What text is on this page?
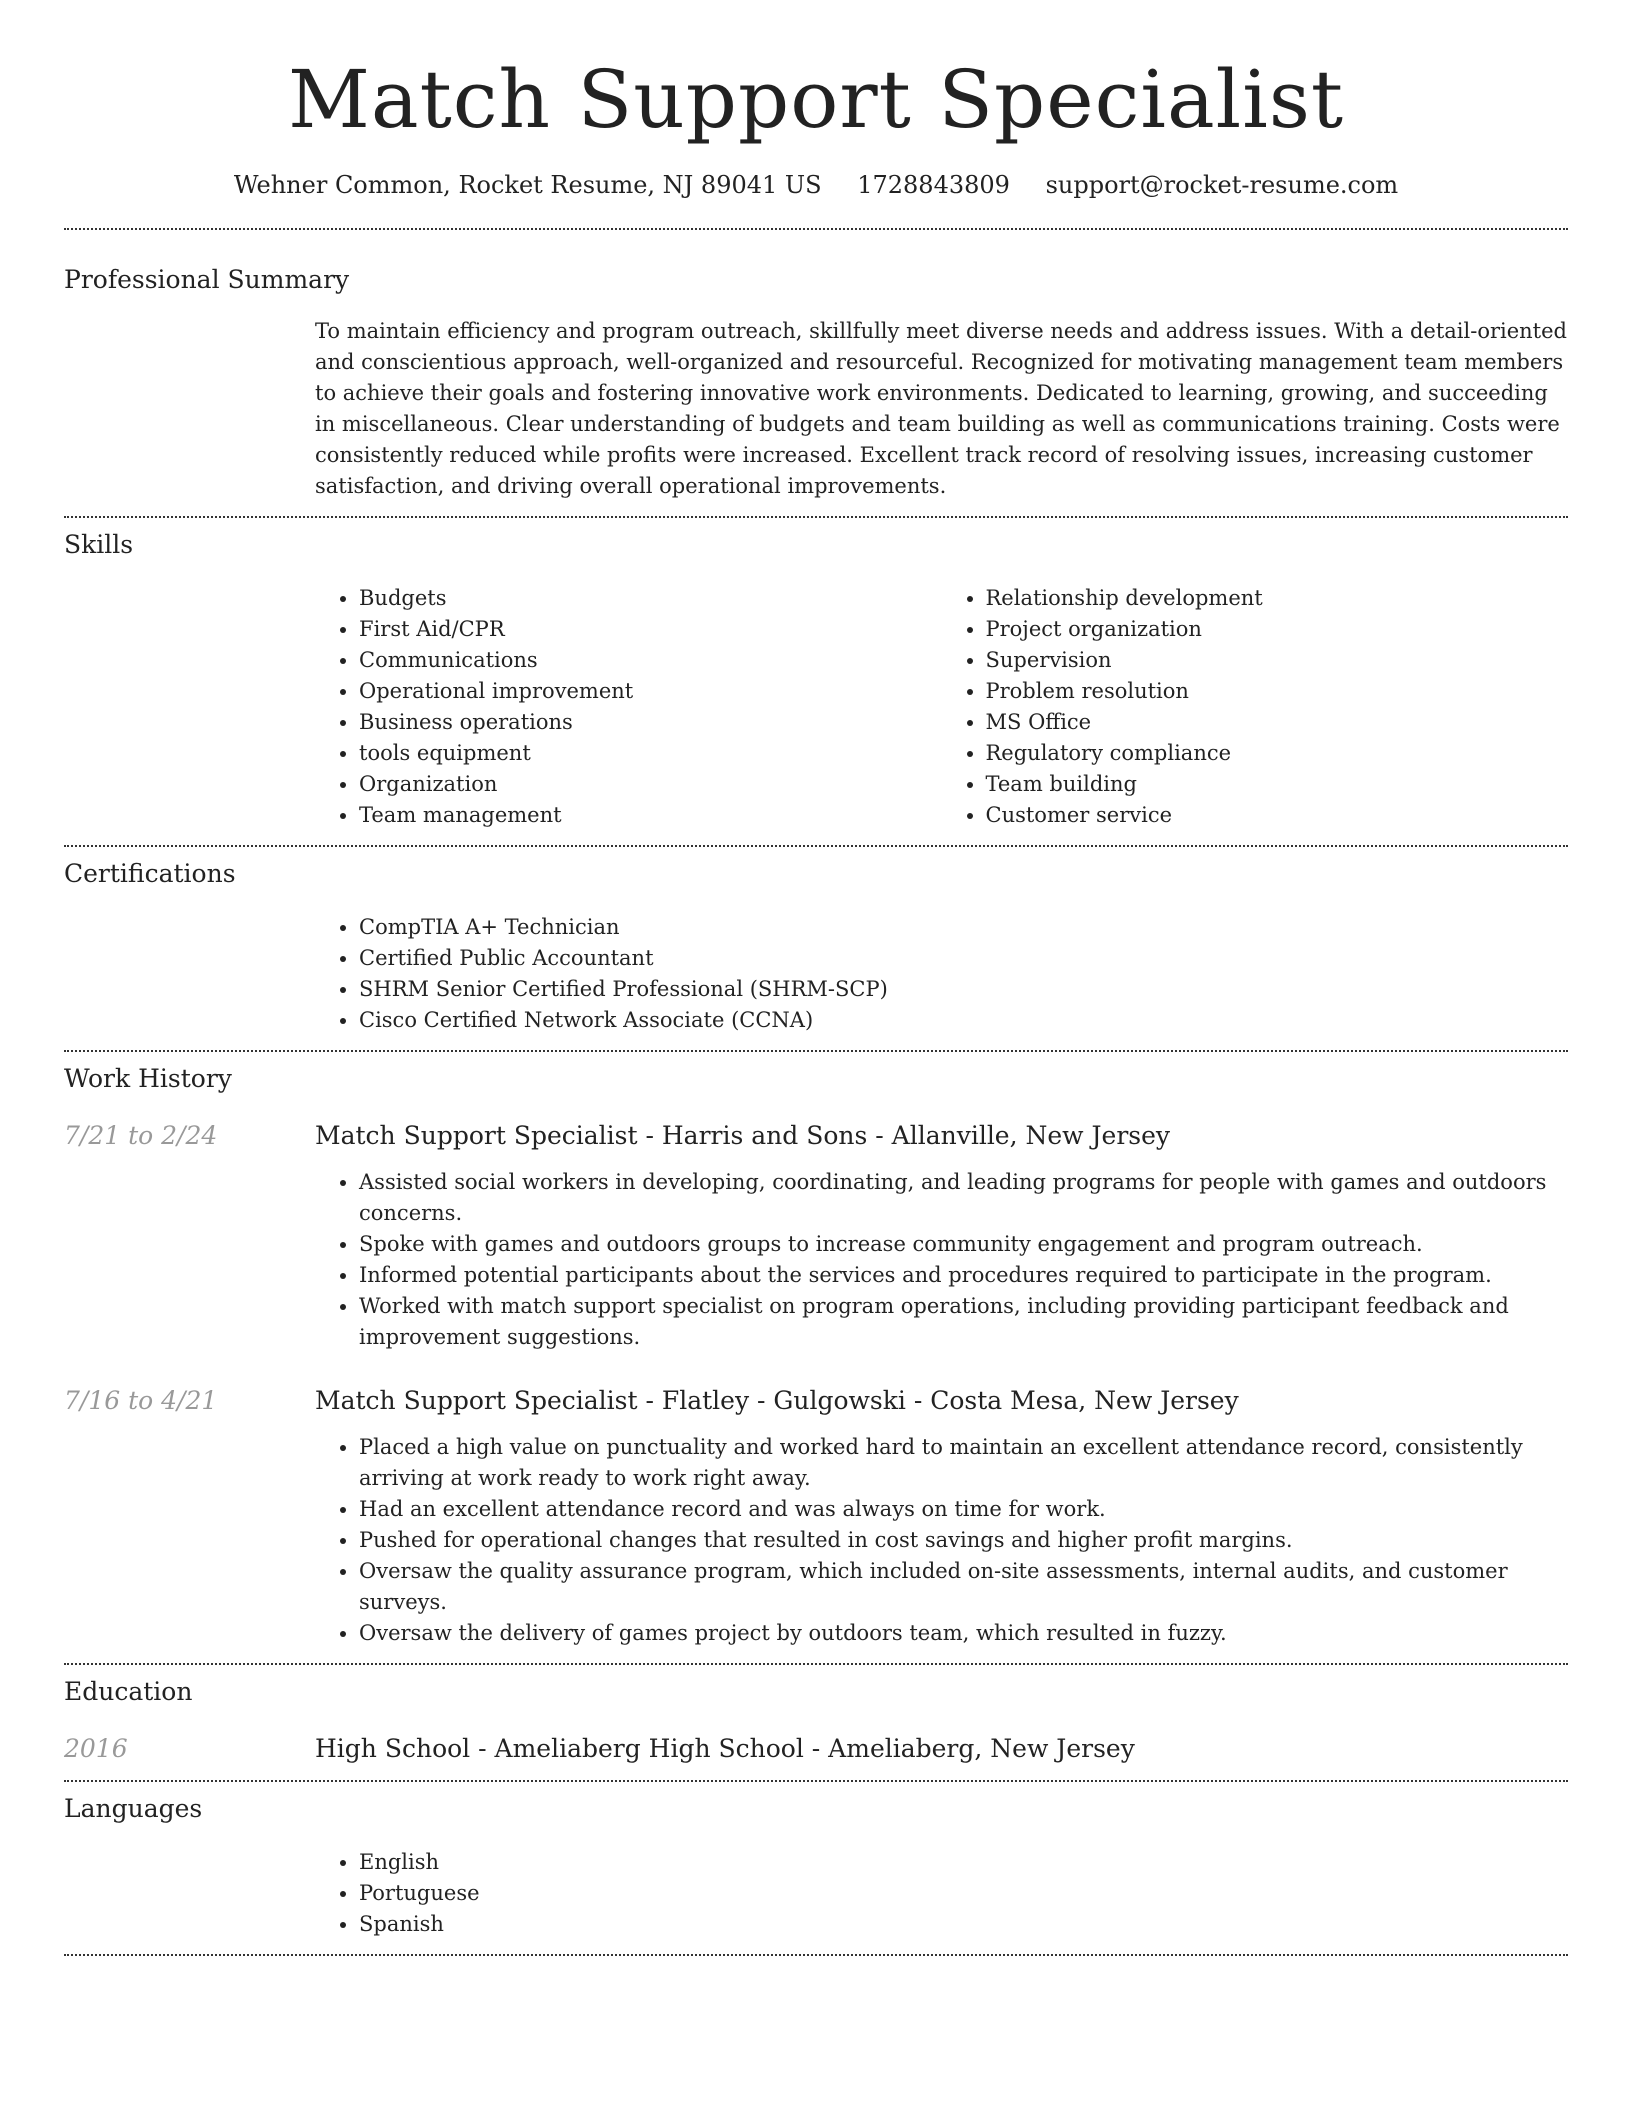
Match Support Specialist
Wehner Common, Rocket Resume, NJ 89041 US 1728843809 support@rocket-resume.com
Professional Summary
To maintain efficiency and program outreach, skillfully meet diverse needs and address issues. With a detail-oriented and conscientious approach, well-organized and resourceful. Recognized for motivating management team members to achieve their goals and fostering innovative work environments. Dedicated to learning, growing, and succeeding in miscellaneous. Clear understanding of budgets and team building as well as communications training. Costs were consistently reduced while profits were increased. Excellent track record of resolving issues, increasing customer satisfaction, and driving overall operational improvements.
Skills
• Budgets
• First Aid/CPR
• Communications
• Operational improvement
• Business operations
• tools equipment
• Organization
• Team management
• Relationship development
• Project organization
• Supervision
• Problem resolution
• MS Office
• Regulatory compliance
• Team building
• Customer service
Certifications
• CompTIA A+ Technician
• Certified Public Accountant
• SHRM Senior Certified Professional (SHRM-SCP)
• Cisco Certified Network Associate (CCNA)
Work History
7/21 to 2/24	Match Support Specialist - Harris and Sons - Allanville, New Jersey
• Assisted social workers in developing, coordinating, and leading programs for people with games and outdoors concerns.
• Spoke with games and outdoors groups to increase community engagement and program outreach.
• Informed potential participants about the services and procedures required to participate in the program.
• Worked with match support specialist on program operations, including providing participant feedback and improvement suggestions.
7/16 to 4/21	Match Support Specialist - Flatley - Gulgowski - Costa Mesa, New Jersey
• Placed a high value on punctuality and worked hard to maintain an excellent attendance record, consistently arriving at work ready to work right away.
• Had an excellent attendance record and was always on time for work.
• Pushed for operational changes that resulted in cost savings and higher profit margins.
• Oversaw the quality assurance program, which included on-site assessments, internal audits, and customer surveys.
• Oversaw the delivery of games project by outdoors team, which resulted in fuzzy.
Education
2016	High School - Ameliaberg High School - Ameliaberg, New Jersey
Languages
• English
• Portuguese
• Spanish
